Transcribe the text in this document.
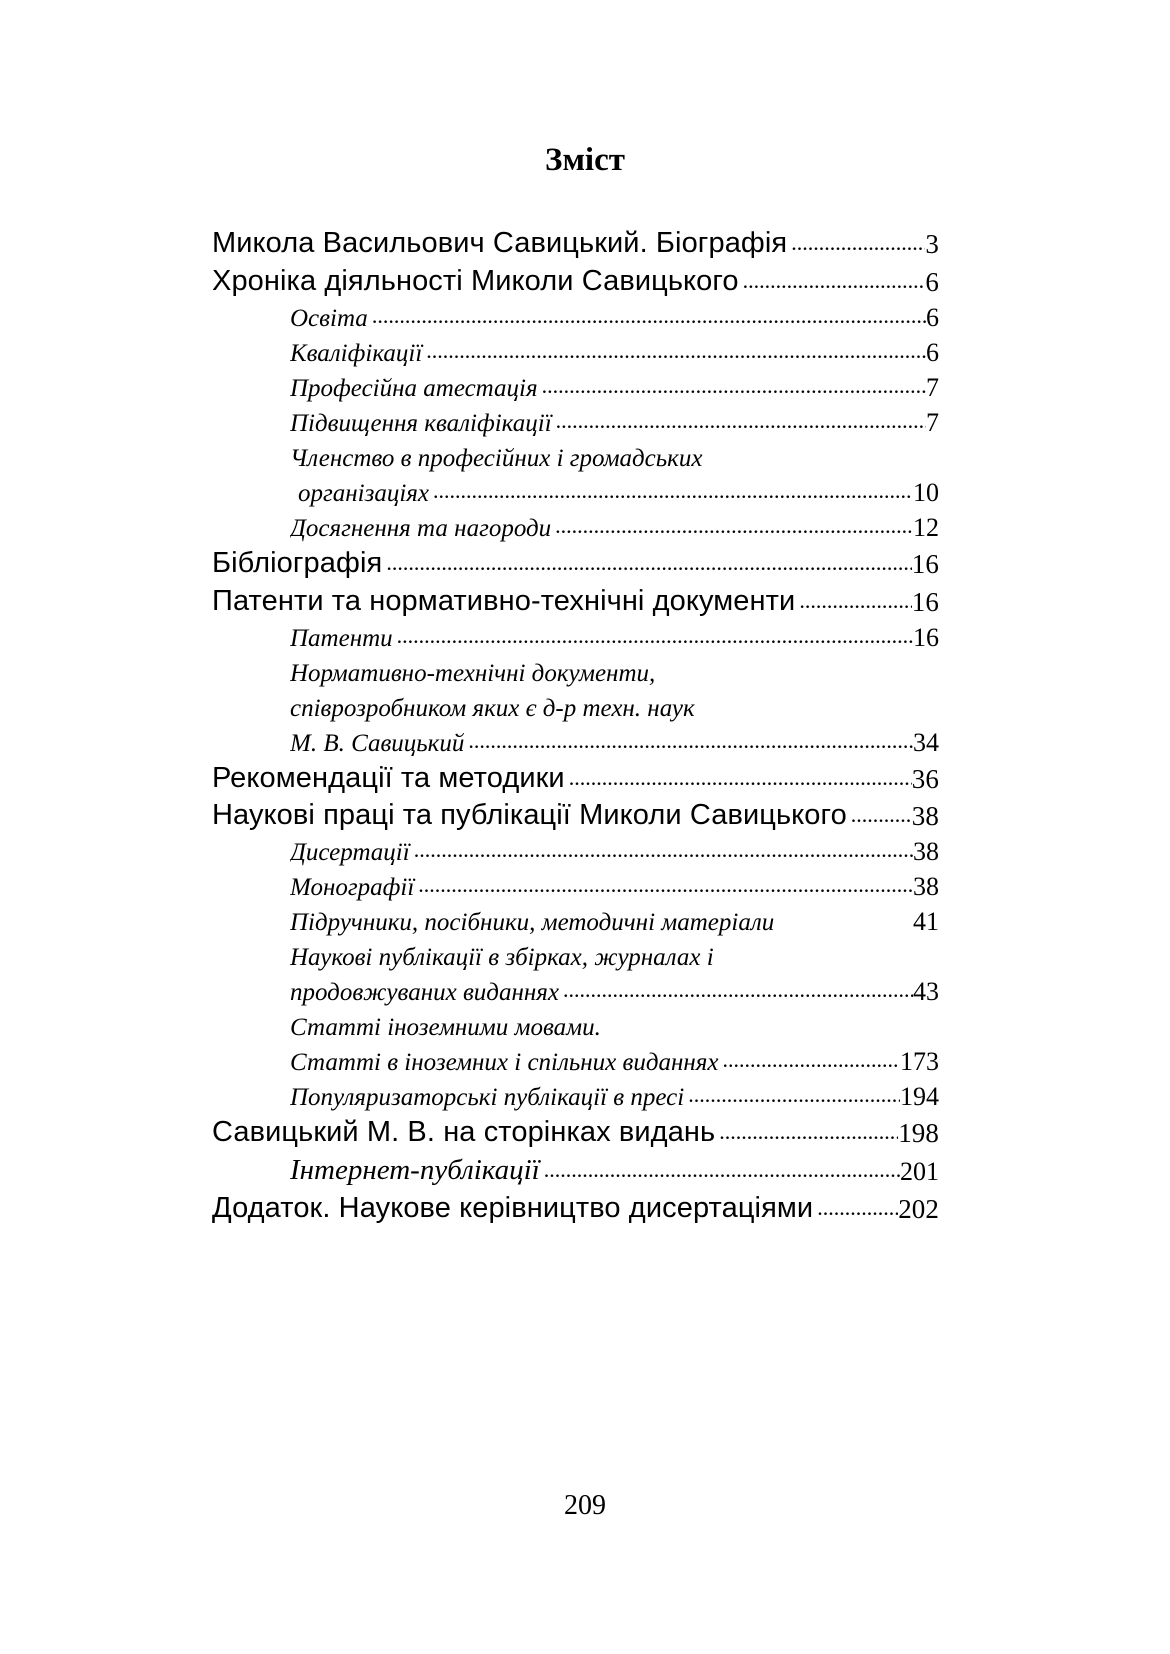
Зміст
Микола Васильович Савицький. Біографія .....	3
Хроніка діяльності Миколи Савицького .....	6
Освіта .....	6
Кваліфікації .....	6
Професійна атестація .....	7
Підвищення кваліфікації .....	7
Членство в професійних і громадських
організаціях .....	10
Досягнення та нагороди .....	12
Бібліографія .....	16
Патенти та нормативно-технічні документи .....	16
Патенти .....	16
Нормативно-технічні документи,
співрозробником яких є д-р техн. наук
М. В. Савицький .....	34
Рекомендації та методики .....	36
Наукові праці та публікації Миколи Савицького ..... 38
Дисертації .....	38
Монографії .....	38
Підручники, посібники, методичні матеріали	41
Наукові публікації в збірках, журналах і
продовжуваних виданнях .....	43
Статті іноземними мовами.
Статті в іноземних і спільних виданнях .....	173
Популяризаторські публікації в пресі .....	194
Савицький М. В. на сторінках видань .....	198
Інтернет-публікації .....	201
Додаток. Наукове керівництво дисертаціями .....	202
209
